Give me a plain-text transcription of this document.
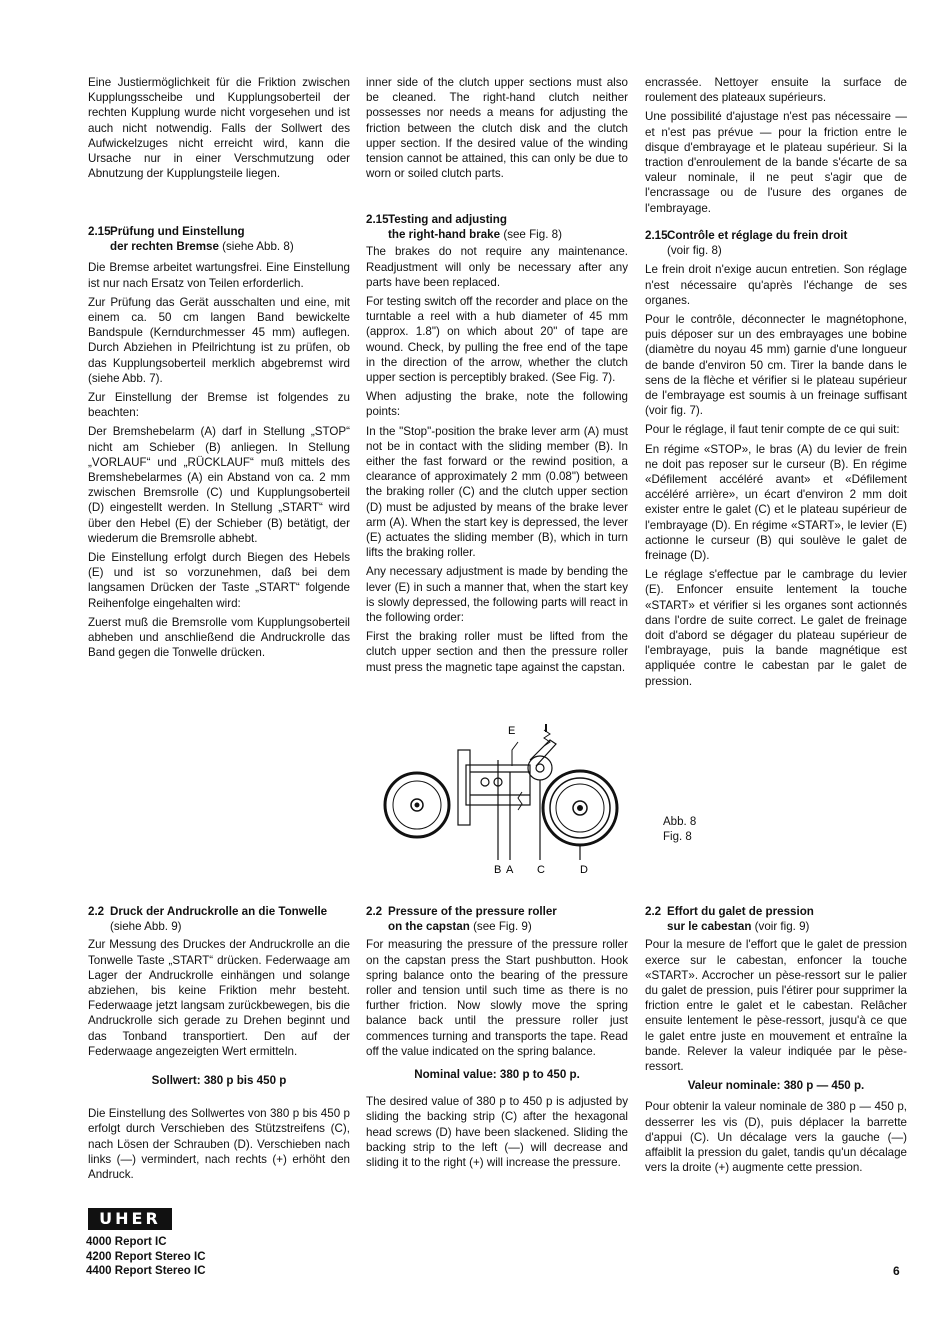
Eine Justiermöglichkeit für die Friktion zwischen Kupplungsscheibe und Kupplungsoberteil der rechten Kupplung wurde nicht vorgesehen und ist auch nicht notwendig. Falls der Sollwert des Aufwickelzuges nicht erreicht wird, kann die Ursache nur in einer Verschmutzung oder Abnutzung der Kupplungsteile liegen.

2.15Prüfung und Einstellung
der rechten Bremse (siehe Abb. 8)

Die Bremse arbeitet wartungsfrei. Eine Einstellung ist nur nach Ersatz von Teilen erforderlich.

Zur Prüfung das Gerät ausschalten und eine, mit einem ca. 50 cm langen Band bewickelte Bandspule (Kerndurchmesser 45 mm) auflegen. Durch Abziehen in Pfeilrichtung ist zu prüfen, ob das Kupplungsoberteil merklich abgebremst wird (siehe Abb. 7).

Zur Einstellung der Bremse ist folgendes zu beachten:

Der Bremshebelarm (A) darf in Stellung „STOP“ nicht am Schieber (B) anliegen. In Stellung „VORLAUF“ und „RÜCKLAUF“ muß mittels des Bremshebelarmes (A) ein Abstand von ca. 2 mm zwischen Bremsrolle (C) und Kupplungsoberteil (D) eingestellt werden. In Stellung „START“ wird über den Hebel (E) der Schieber (B) betätigt, der wiederum die Bremsrolle abhebt.

Die Einstellung erfolgt durch Biegen des Hebels (E) und ist so vorzunehmen, daß bei dem langsamen Drücken der Taste „START“ folgende Reihenfolge eingehalten wird:

Zuerst muß die Bremsrolle vom Kupplungsoberteil abheben und anschließend die Andruckrolle das Band gegen die Tonwelle drücken.

inner side of the clutch upper sections must also be cleaned. The right-hand clutch neither possesses nor needs a means for adjusting the friction between the clutch disk and the clutch upper section. If the desired value of the winding tension cannot be attained, this can only be due to worn or soiled clutch parts.

2.15Testing and adjusting
the right-hand brake (see Fig. 8)

The brakes do not require any maintenance. Readjustment will only be necessary after any parts have been replaced.

For testing switch off the recorder and place on the turntable a reel with a hub diameter of 45 mm (approx. 1.8") on which about 20" of tape are wound. Check, by pulling the free end of the tape in the direction of the arrow, whether the clutch upper section is perceptibly braked. (See Fig. 7).

When adjusting the brake, note the following points:

In the "Stop"-position the brake lever arm (A) must not be in contact with the sliding member (B). In either the fast forward or the rewind position, a clearance of approximately 2 mm (0.08") between the braking roller (C) and the clutch upper section (D) must be adjusted by means of the brake lever arm (A). When the start key is depressed, the lever (E) actuates the sliding member (B), which in turn lifts the braking roller.

Any necessary adjustment is made by bending the lever (E) in such a manner that, when the start key is slowly depressed, the following parts will react in the following order:

First the braking roller must be lifted from the clutch upper section and then the pressure roller must press the magnetic tape against the capstan.

encrassée. Nettoyer ensuite la surface de roulement des plateaux supérieurs.

Une possibilité d'ajustage n'est pas nécessaire — et n'est pas prévue — pour la friction entre le disque d'embrayage et le plateau supérieur. Si la traction d'enroulement de la bande s'écarte de sa valeur nominale, il ne peut s'agir que de l'encrassage ou de l'usure des organes de l'embrayage.

2.15Contrôle et réglage du frein droit
(voir fig. 8)

Le frein droit n'exige aucun entretien. Son réglage n'est nécessaire qu'après l'échange de ses organes.

Pour le contrôle, déconnecter le magnétophone, puis déposer sur un des embrayages une bobine (diamètre du noyau 45 mm) garnie d'une longueur de bande d'environ 50 cm. Tirer la bande dans le sens de la flèche et vérifier si le plateau supérieur de l'embrayage est soumis à un freinage suffisant (voir fig. 7).

Pour le réglage, il faut tenir compte de ce qui suit:

En régime «STOP», le bras (A) du levier de frein ne doit pas reposer sur le curseur (B). En régime «Défilement accéléré avant» et «Défilement accéléré arrière», un écart d'environ 2 mm doit exister entre le galet (C) et le plateau supérieur de l'embrayage (D). En régime «START», le levier (E) actionne le curseur (B) qui soulève le galet de freinage (D).

Le réglage s'effectue par le cambrage du levier (E). Enfoncer ensuite lentement la touche «START» et vérifier si les organes sont actionnés dans l'ordre de suite correct. Le galet de freinage doit d'abord se dégager du plateau supérieur de l'embrayage, puis la bande magnétique est appliquée contre le cabestan par le galet de pression.

E
B A C	D
Abb. 8
Fig. 8
2.2 Druck der Andruckrolle an die Tonwelle
(siehe Abb. 9)

Zur Messung des Druckes der Andruckrolle an die Tonwelle Taste „START“ drücken. Federwaage am Lager der Andruckrolle einhängen und solange abziehen, bis keine Friktion mehr besteht. Federwaage jetzt langsam zurückbewegen, bis die Andruckrolle sich gerade zu Drehen beginnt und das Tonband transportiert. Den auf der Federwaage angezeigten Wert ermitteln.

Sollwert: 380 p bis 450 p

Die Einstellung des Sollwertes von 380 p bis 450 p erfolgt durch Verschieben des Stützstreifens (C), nach Lösen der Schrauben (D). Verschieben nach links (—) vermindert, nach rechts (+) erhöht den Andruck.

2.2 Pressure of the pressure roller
on the capstan (see Fig. 9)

For measuring the pressure of the pressure roller on the capstan press the Start pushbutton. Hook spring balance onto the bearing of the pressure roller and tension until such time as there is no further friction. Now slowly move the spring balance back until the pressure roller just commences turning and transports the tape. Read off the value indicated on the spring balance.

Nominal value: 380 p to 450 p.

The desired value of 380 p to 450 p is adjusted by sliding the backing strip (C) after the hexagonal head screws (D) have been slackened. Sliding the backing strip to the left (—) will decrease and sliding it to the right (+) will increase the pressure.

2.2 Effort du galet de pression
sur le cabestan (voir fig. 9)

Pour la mesure de l'effort que le galet de pression exerce sur le cabestan, enfoncer la touche «START». Accrocher un pèse-ressort sur le palier du galet de pression, puis l'étirer pour supprimer la friction entre le galet et le cabestan. Relâcher ensuite lentement le pèse-ressort, jusqu'à ce que le galet entre juste en mouvement et entraîne la bande. Relever la valeur indiquée par le pèse-ressort.

Valeur nominale: 380 p — 450 p.

Pour obtenir la valeur nominale de 380 p — 450 p, desserrer les vis (D), puis déplacer la barrette d'appui (C). Un décalage vers la gauche (—) affaiblit la pression du galet, tandis qu'un décalage vers la droite (+) augmente cette pression.

UHER
4000 Report IC
4200 Report Stereo IC
4400 Report Stereo IC	6
